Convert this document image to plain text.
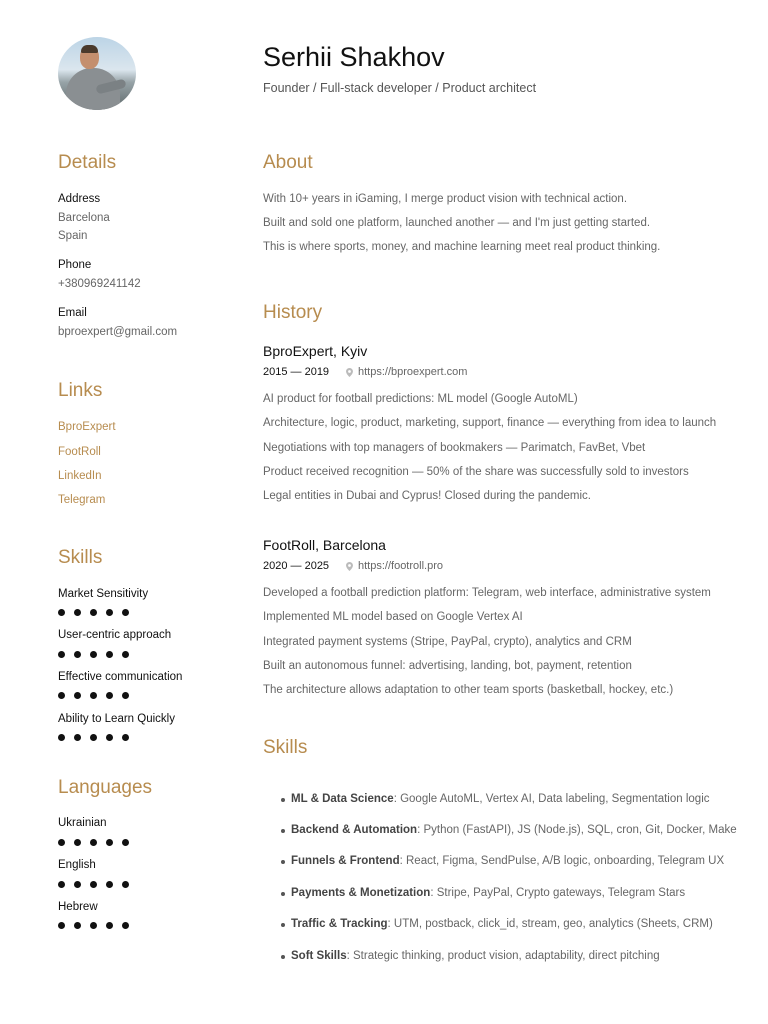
Serhii Shakhov
Founder / Full-stack developer / Product architect
Details
Address
Barcelona
Spain
Phone
+380969241142
Email
bproexpert@gmail.com
Links
BproExpert
FootRoll
LinkedIn
Telegram
Skills
Market Sensitivity
User-centric approach
Effective communication
Ability to Learn Quickly
Languages
Ukrainian
English
Hebrew
About
With 10+ years in iGaming, I merge product vision with technical action.
Built and sold one platform, launched another — and I'm just getting started.
This is where sports, money, and machine learning meet real product thinking.
History
BproExpert, Kyiv
2015 — 2019	https://bproexpert.com
AI product for football predictions: ML model (Google AutoML)
Architecture, logic, product, marketing, support, finance — everything from idea to launch
Negotiations with top managers of bookmakers — Parimatch, FavBet, Vbet
Product received recognition — 50% of the share was successfully sold to investors
Legal entities in Dubai and Cyprus! Closed during the pandemic.
FootRoll, Barcelona
2020 — 2025	https://footroll.pro
Developed a football prediction platform: Telegram, web interface, administrative system
Implemented ML model based on Google Vertex AI
Integrated payment systems (Stripe, PayPal, crypto), analytics and CRM
Built an autonomous funnel: advertising, landing, bot, payment, retention
The architecture allows adaptation to other team sports (basketball, hockey, etc.)
Skills
ML & Data Science: Google AutoML, Vertex AI, Data labeling, Segmentation logic
Backend & Automation: Python (FastAPI), JS (Node.js), SQL, cron, Git, Docker, Make
Funnels & Frontend: React, Figma, SendPulse, A/B logic, onboarding, Telegram UX
Payments & Monetization: Stripe, PayPal, Crypto gateways, Telegram Stars
Traffic & Tracking: UTM, postback, click_id, stream, geo, analytics (Sheets, CRM)
Soft Skills: Strategic thinking, product vision, adaptability, direct pitching
